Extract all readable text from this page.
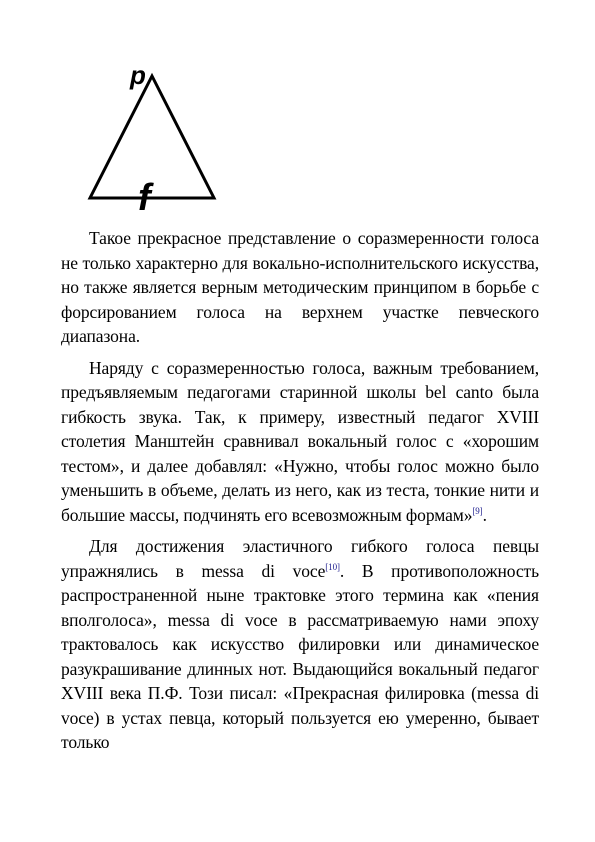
p
f

Такое прекрасное представление о соразмеренности голоса не только характерно для вокально-исполнительского искусства, но также является верным методическим принципом в борьбе с форсированием голоса на верхнем участке певческого диапазона.

Наряду с соразмеренностью голоса, важным требованием, предъявляемым педагогами старинной школы bel canto была гибкость звука. Так, к примеру, известный педагог XVIII столетия Манштейн сравнивал вокальный голос с «хорошим тестом», и далее добавлял: «Нужно, чтобы голос можно было уменьшить в объеме, делать из него, как из теста, тонкие нити и большие массы, подчинять его всевозможным формам»[9].

Для достижения эластичного гибкого голоса певцы упражнялись в messa di voce[10]. В противоположность распространенной ныне трактовке этого термина как «пения вполголоса», messa di voce в рассматриваемую нами эпоху трактовалось как искусство филировки или динамическое разукрашивание длинных нот. Выдающийся вокальный педагог XVIII века П.Ф. Този писал: «Прекрасная филировка (messa di voce) в устах певца, который пользуется ею умеренно, бывает только
